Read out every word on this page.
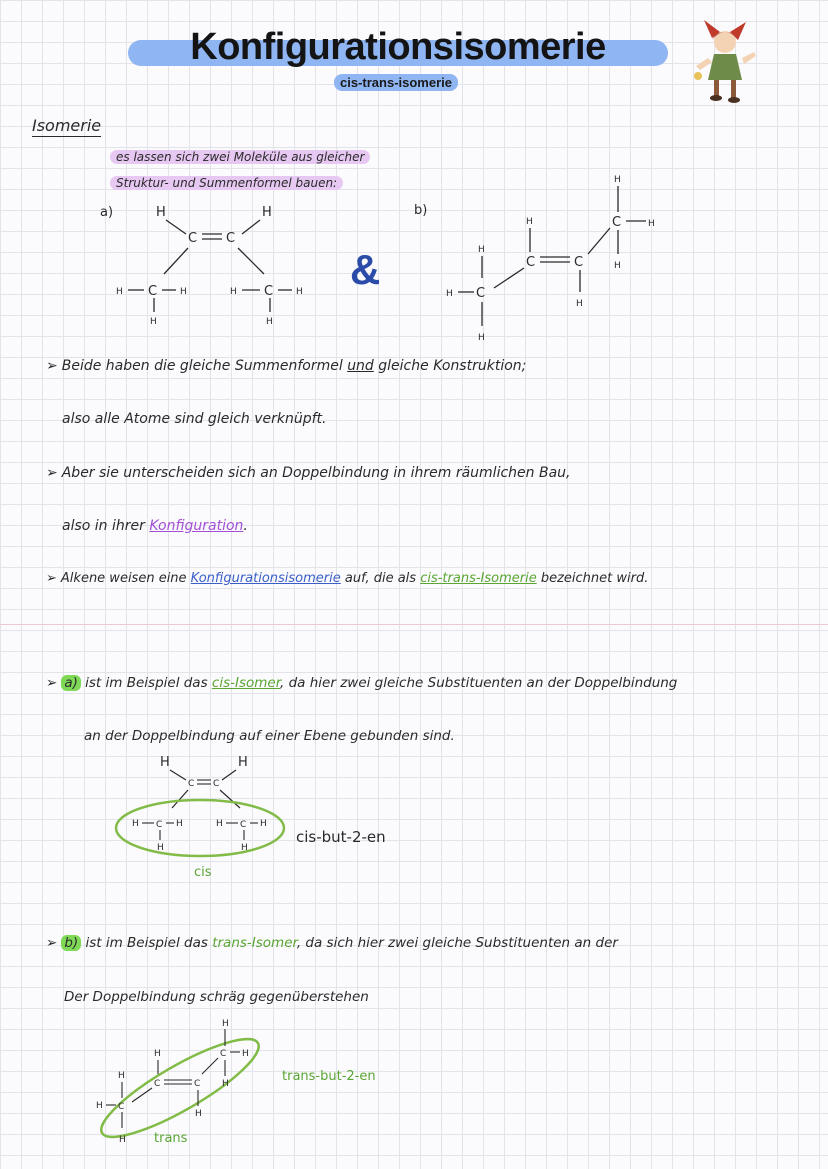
Konfigurationsisomerie
cis-trans-isomerie
Isomerie
es lassen sich zwei Moleküle aus gleicher
Struktur- und Summenformel bauen:
a)	H	H
C C
H C	H
H
H C	H
H
&
b)
H
C	H
H
H
C	C
H
H
H C
H
➢ Beide haben die gleiche Summenformel und gleiche Konstruktion;
also alle Atome sind gleich verknüpft.
➢ Aber sie unterscheiden sich an Doppelbindung in ihrem räumlichen Bau,
also in ihrer Konfiguration.
➢ Alkene weisen eine Konfigurationsisomerie auf, die als cis-trans-Isomerie bezeichnet wird.
➢ a) ist im Beispiel das cis-Isomer, da hier zwei gleiche Substituenten an der Doppelbindung
an der Doppelbindung auf einer Ebene gebunden sind.
H	H
C C
H C H
H
H C H
H
cis
cis-but-2-en
➢ b) ist im Beispiel das trans-Isomer, da sich hier zwei gleiche Substituenten an der
Der Doppelbindung schräg gegenüberstehen
H
C H
H
H
C	C
H
H
H C
H trans
trans-but-2-en
